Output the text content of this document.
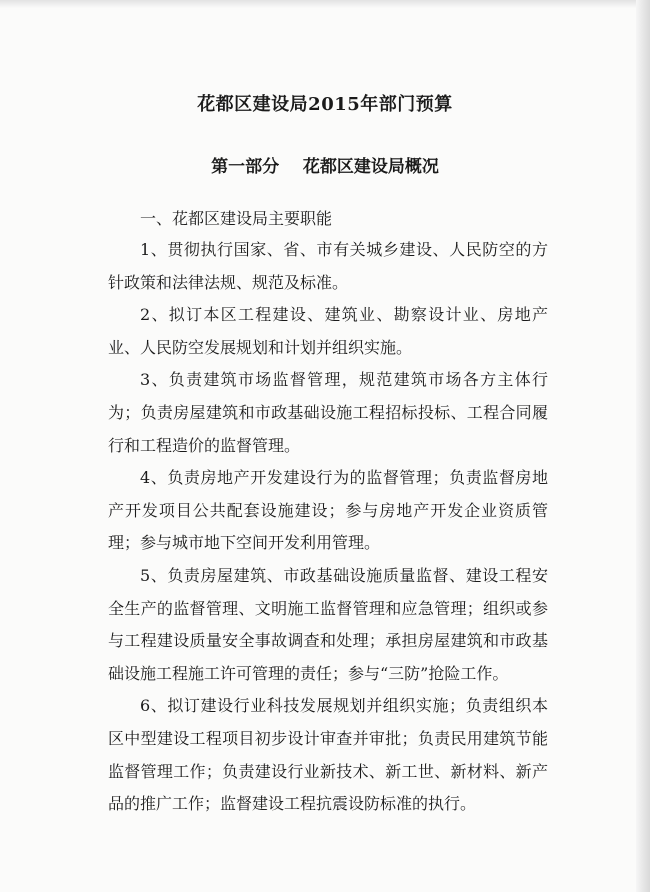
花都区建设局2015年部门预算
第一部分    花都区建设局概况

一、花都区建设局主要职能

1、贯彻执行国家、省、市有关城乡建设、人民防空的方针政策和法律法规、规范及标准。

2、拟订本区工程建设、建筑业、勘察设计业、房地产业、人民防空发展规划和计划并组织实施。

3、负责建筑市场监督管理，规范建筑市场各方主体行为；负责房屋建筑和市政基础设施工程招标投标、工程合同履行和工程造价的监督管理。

4、负责房地产开发建设行为的监督管理；负责监督房地产开发项目公共配套设施建设；参与房地产开发企业资质管理；参与城市地下空间开发利用管理。

5、负责房屋建筑、市政基础设施质量监督、建设工程安全生产的监督管理、文明施工监督管理和应急管理；组织或参与工程建设质量安全事故调查和处理；承担房屋建筑和市政基础设施工程施工许可管理的责任；参与“三防”抢险工作。

6、拟订建设行业科技发展规划并组织实施；负责组织本区中型建设工程项目初步设计审查并审批；负责民用建筑节能监督管理工作；负责建设行业新技术、新工世、新材料、新产品的推广工作；监督建设工程抗震设防标准的执行。
